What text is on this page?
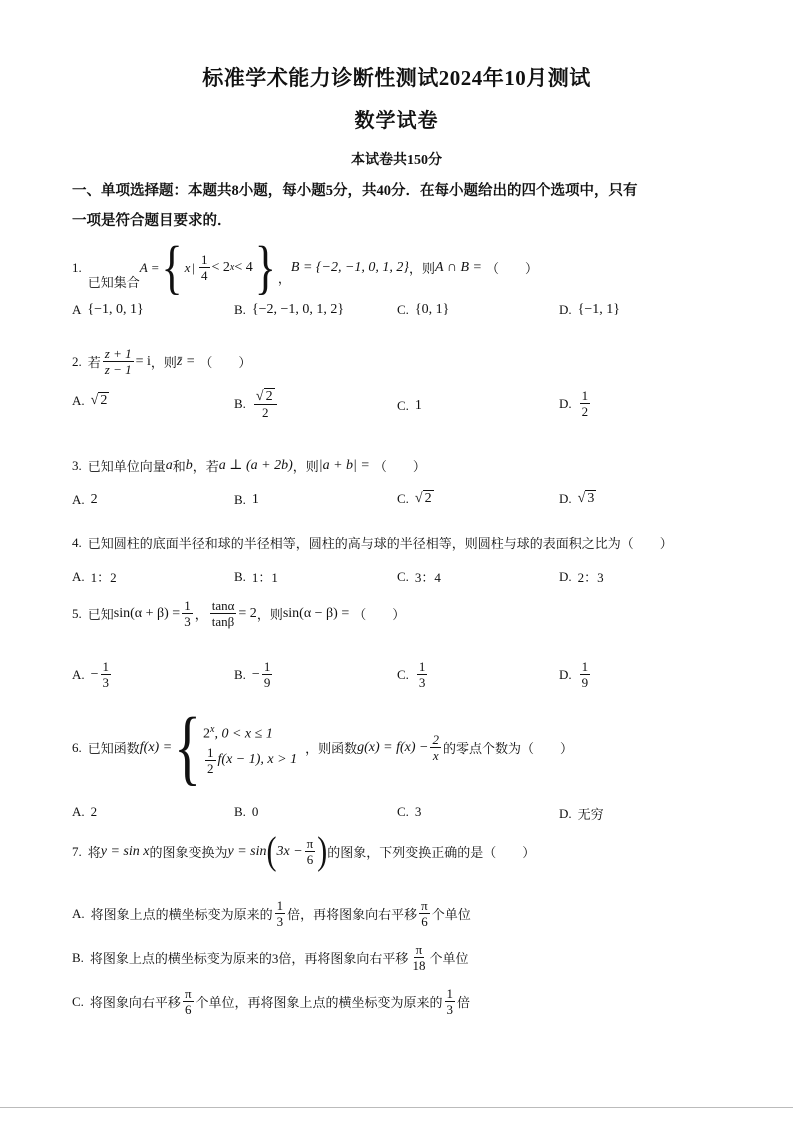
标准学术能力诊断性测试2024年10月测试
数学试卷
本试卷共150分
一、单项选择题：本题共8小题，每小题5分，共40分．在每小题给出的四个选项中，只有
一项是符合题目要求的．
1.
已知集合
A = { x | $\frac{1}{4} < 2$ x < 4 } ，
B = {−2, −1, 0, 1, 2} ，则 A ∩ B = （　　）
A {−1, 0, 1}	B. {−2, −1, 0, 1, 2}	C. {0, 1}	D. {−1, 1}
2. 若 $\frac{z + 1}{z - 1} = i$ ，则 z̄ = （　　）
A. √ 2	B. $\frac{√ 2}{2}$	C. 1	D. $\frac{1}{2}$
3. 已知单位向量 a 和 b ，若 a ⊥ (a + 2b) ，则 |a + b| = （　　）
A. 2	B. 1	C. √ 2	D. √ 3
4. 已知圆柱的底面半径和球的半径相等，圆柱的高与球的半径相等，则圆柱与球的表面积之比为（　　）
A. 1：2	B. 1：1	C. 3：4	D. 2：3
5. 已知 $\sin(\alpha + \beta) = \frac{1}{3}$ ， $\frac{\tan\alpha}{\tan\beta} = 2$ ，则 sin(α − β) = （　　）
A. − $\frac{1}{3}$	B. − $\frac{1}{9}$	C. $\frac{1}{3}$	D. $\frac{1}{9}$
6. 已知函数 f(x) = { 2$^x$, 0 < x ≤ 1
$\frac{1}{2} f(x - 1)$, x > 1
，则函数 $g(x) = f(x) - \frac{2}{x}$ 的零点个数为（　　）
A. 2	B. 0	C. 3	D. 无穷
7. 将 y = sin x 的图象变换为 y = sin ( $3x - \frac{\pi}{6}$ ) 的图象，下列变换正确的是（　　）
A. 将图象上点的横坐标变为原来的 $\frac{1}{3}$ 倍，再将图象向右平移 $\frac{\pi}{6}$ 个单位
B. 将图象上点的横坐标变为原来的3倍，再将图象向右平移 $\frac{\pi}{18}$ 个单位
C. 将图象向右平移 $\frac{\pi}{6}$ 个单位，再将图象上点的横坐标变为原来的 $\frac{1}{3}$ 倍
